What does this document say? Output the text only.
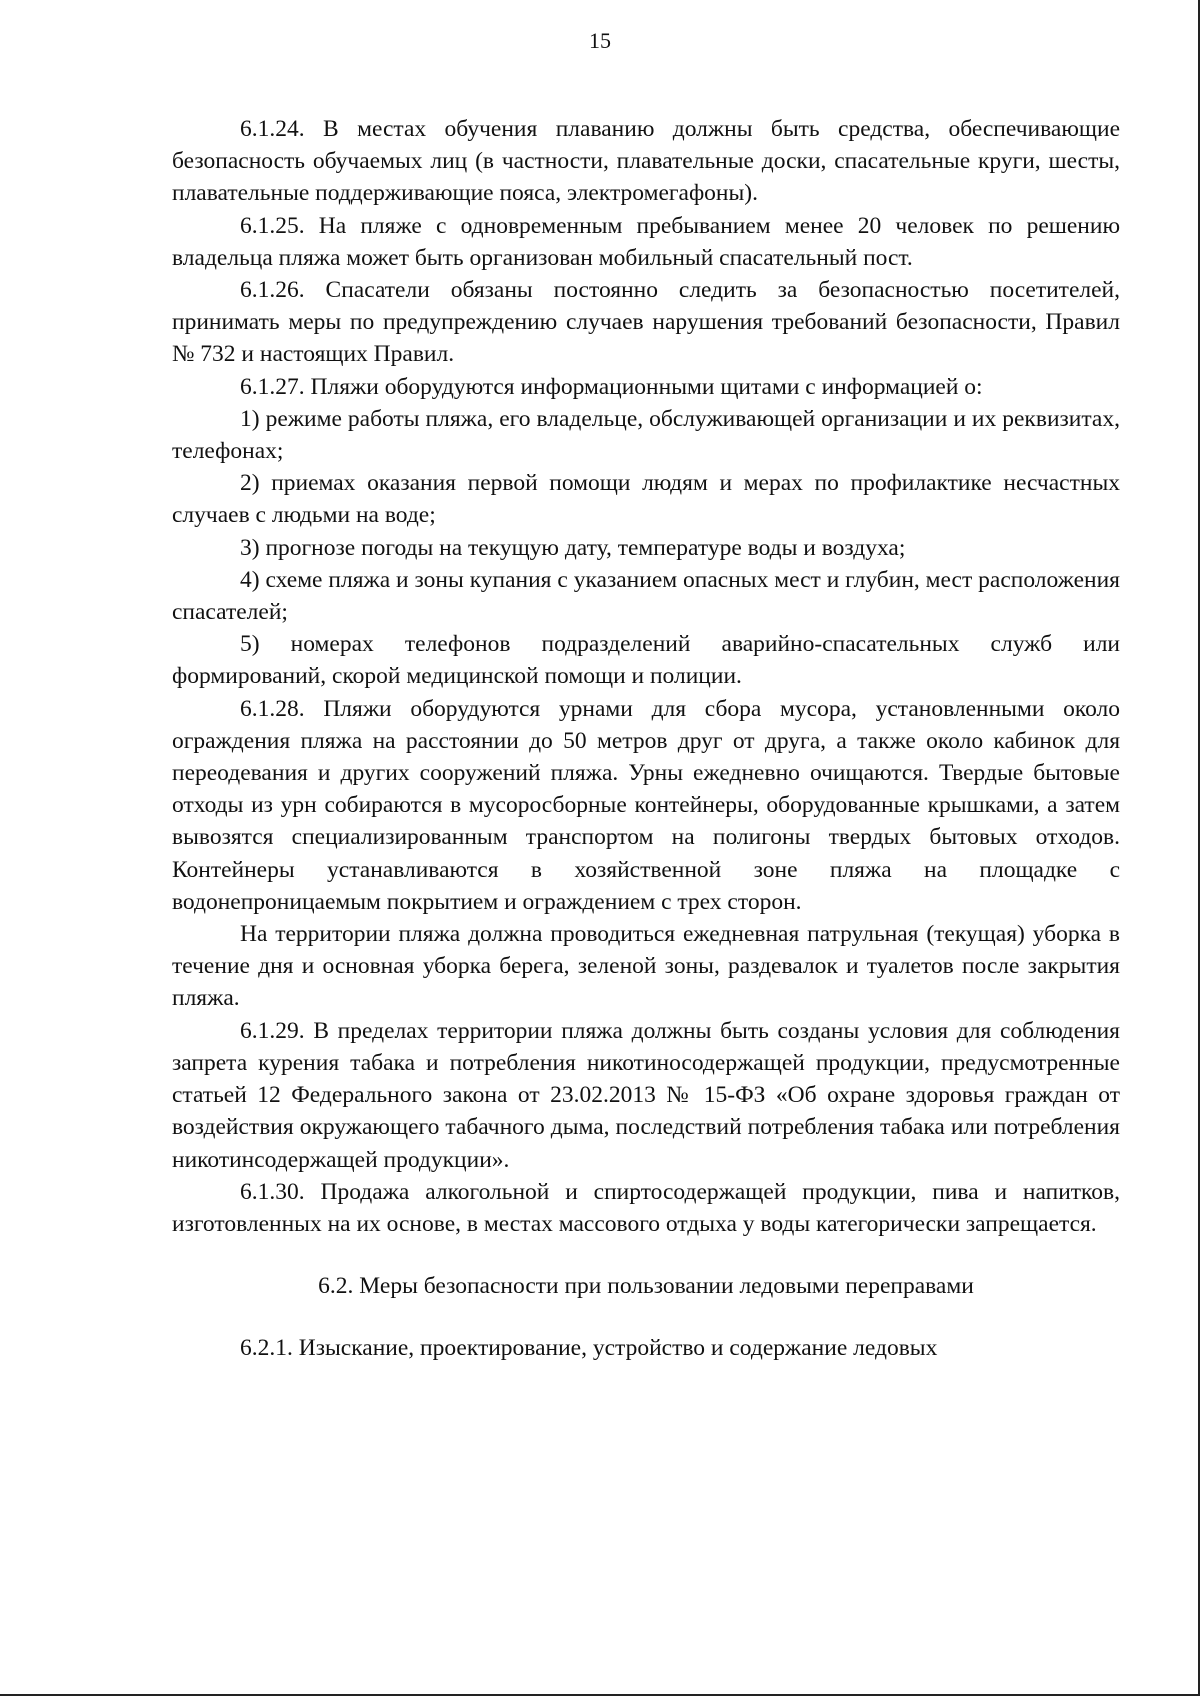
15

6.1.24. В местах обучения плаванию должны быть средства, обеспечивающие безопасность обучаемых лиц (в частности, плавательные доски, спасательные круги, шесты, плавательные поддерживающие пояса, электромегафоны).

6.1.25. На пляже с одновременным пребыванием менее 20 человек по решению владельца пляжа может быть организован мобильный спасательный пост.

6.1.26. Спасатели обязаны постоянно следить за безопасностью посетителей, принимать меры по предупреждению случаев нарушения требований безопасности, Правил № 732 и настоящих Правил.

6.1.27. Пляжи оборудуются информационными щитами с информацией о:

1) режиме работы пляжа, его владельце, обслуживающей организации и их реквизитах, телефонах;

2) приемах оказания первой помощи людям и мерах по профилактике несчастных случаев с людьми на воде;

3) прогнозе погоды на текущую дату, температуре воды и воздуха;

4) схеме пляжа и зоны купания с указанием опасных мест и глубин, мест расположения спасателей;

5) номерах телефонов подразделений аварийно-спасательных служб или формирований, скорой медицинской помощи и полиции.

6.1.28. Пляжи оборудуются урнами для сбора мусора, установленными около ограждения пляжа на расстоянии до 50 метров друг от друга, а также около кабинок для переодевания и других сооружений пляжа. Урны ежедневно очищаются. Твердые бытовые отходы из урн собираются в мусоросборные контейнеры, оборудованные крышками, а затем вывозятся специализированным транспортом на полигоны твердых бытовых отходов. Контейнеры устанавливаются в хозяйственной зоне пляжа на площадке с водонепроницаемым покрытием и ограждением с трех сторон.

На территории пляжа должна проводиться ежедневная патрульная (текущая) уборка в течение дня и основная уборка берега, зеленой зоны, раздевалок и туалетов после закрытия пляжа.

6.1.29. В пределах территории пляжа должны быть созданы условия для соблюдения запрета курения табака и потребления никотиносодержащей продукции, предусмотренные статьей 12 Федерального закона от 23.02.2013 № 15-ФЗ «Об охране здоровья граждан от воздействия окружающего табачного дыма, последствий потребления табака или потребления никотинсодержащей продукции».

6.1.30. Продажа алкогольной и спиртосодержащей продукции, пива и напитков, изготовленных на их основе, в местах массового отдыха у воды категорически запрещается.

6.2. Меры безопасности при пользовании ледовыми переправами

6.2.1. Изыскание, проектирование, устройство и содержание ледовых
